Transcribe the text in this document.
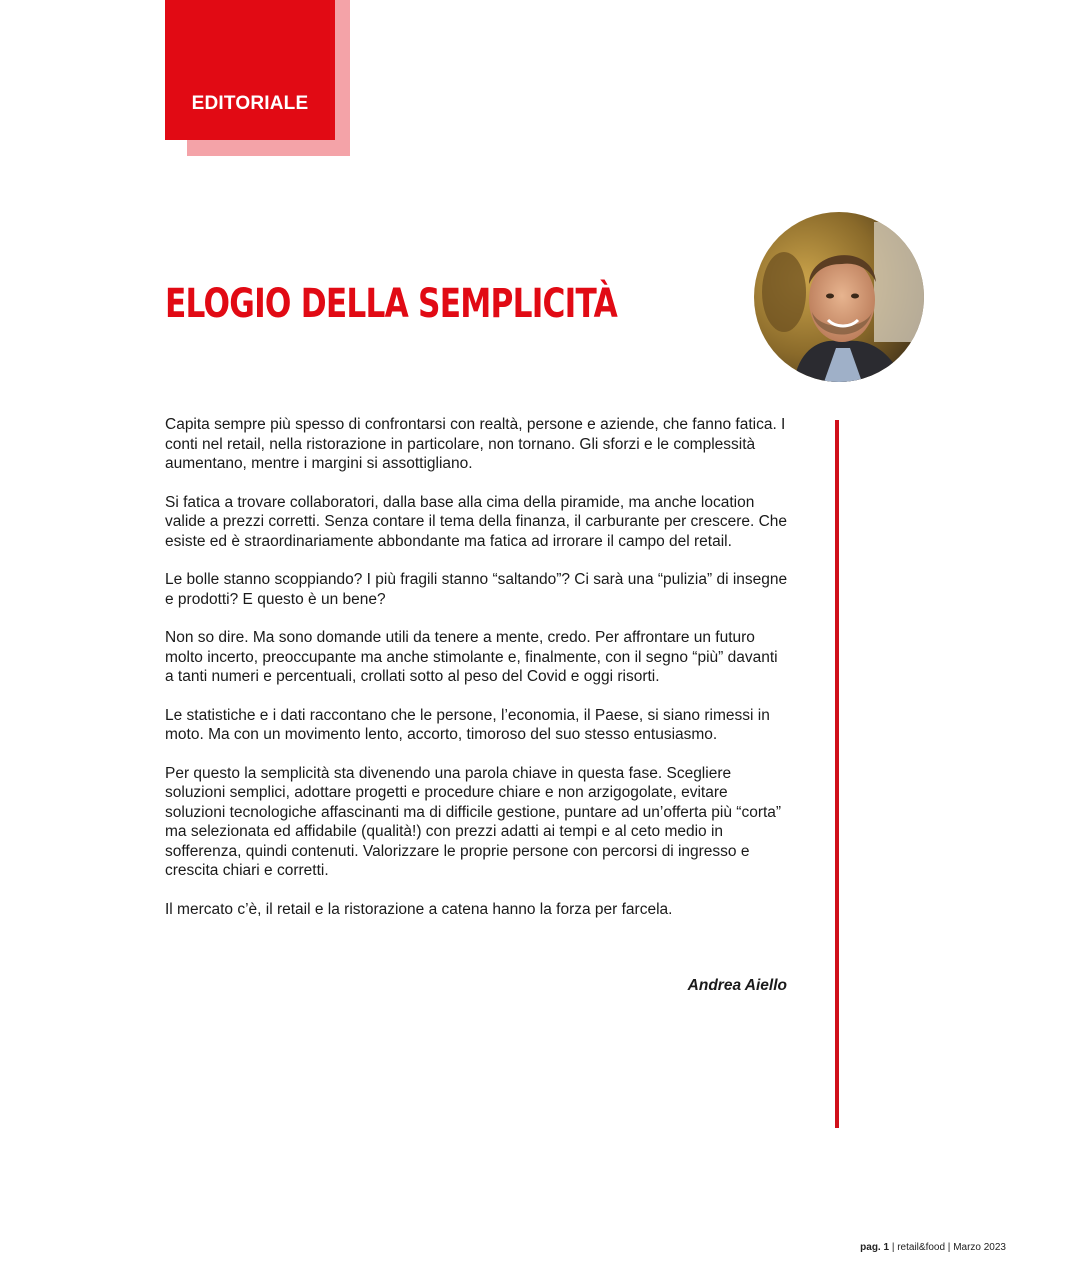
EDITORIALE
ELOGIO DELLA SEMPLICITÀ

Capita sempre più spesso di confrontarsi con realtà, persone e aziende, che fanno fatica. I conti nel retail, nella ristorazione in particolare, non tornano. Gli sforzi e le complessità aumentano, mentre i margini si assottigliano.

Si fatica a trovare collaboratori, dalla base alla cima della piramide, ma anche location valide a prezzi corretti. Senza contare il tema della finanza, il carburante per crescere. Che esiste ed è straordinariamente abbondante ma fatica ad irrorare il campo del retail.

Le bolle stanno scoppiando? I più fragili stanno “saltando”? Ci sarà una “pulizia” di insegne e prodotti? E questo è un bene?

Non so dire. Ma sono domande utili da tenere a mente, credo. Per affrontare un futuro molto incerto, preoccupante ma anche stimolante e, finalmente, con il segno “più” davanti a tanti numeri e percentuali, crollati sotto al peso del Covid e oggi risorti.

Le statistiche e i dati raccontano che le persone, l’economia, il Paese, si siano rimessi in moto. Ma con un movimento lento, accorto, timoroso del suo stesso entusiasmo.

Per questo la semplicità sta divenendo una parola chiave in questa fase. Scegliere soluzioni semplici, adottare progetti e procedure chiare e non arzigogolate, evitare soluzioni tecnologiche affascinanti ma di difficile gestione, puntare ad un’offerta più “corta” ma selezionata ed affidabile (qualità!) con prezzi adatti ai tempi e al ceto medio in sofferenza, quindi contenuti. Valorizzare le proprie persone con percorsi di ingresso e crescita chiari e corretti.

Il mercato c’è, il retail e la ristorazione a catena hanno la forza per farcela.

Andrea Aiello
pag. 1 | retail&food | Marzo 2023
